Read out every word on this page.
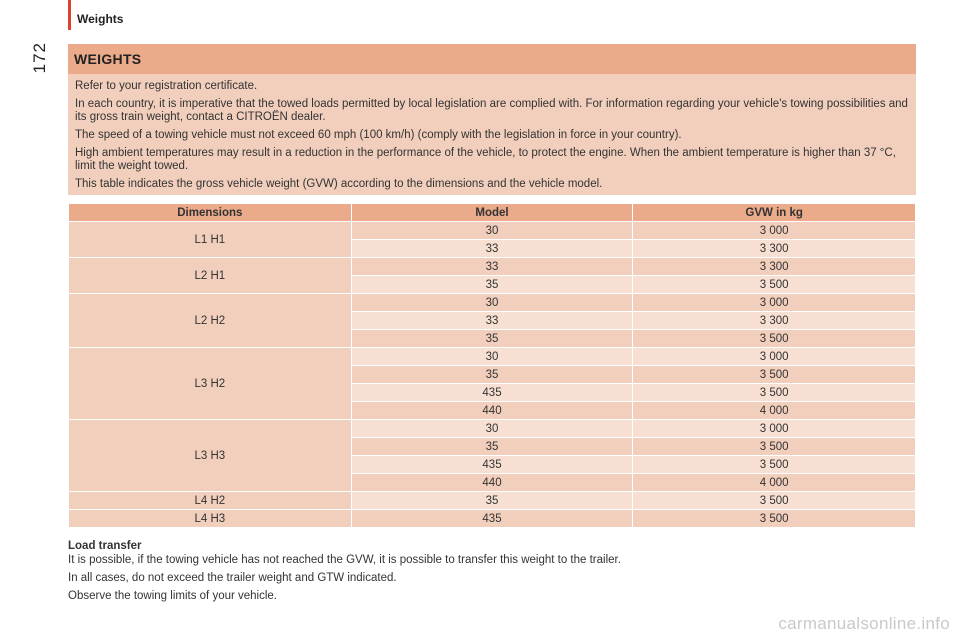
Weights
172	WEIGHTS

Refer to your registration certificate.

In each country, it is imperative that the towed loads permitted by local legislation are complied with. For information regarding your vehicle's towing possibilities and its gross train weight, contact a CITROËN dealer.

The speed of a towing vehicle must not exceed 60 mph (100 km/h) (comply with the legislation in force in your country).

High ambient temperatures may result in a reduction in the performance of the vehicle, to protect the engine. When the ambient temperature is higher than 37 °C, limit the weight towed.

This table indicates the gross vehicle weight (GVW) according to the dimensions and the vehicle model.

Dimensions	Model	GVW in kg
L1 H1	30	3 000
	33	3 300
L2 H1	33	3 300
	35	3 500
L2 H2	30	3 000
	33	3 300
	35	3 500
L3 H2	30	3 000
	35	3 500
	435	3 500
	440	4 000
L3 H3	30	3 000
	35	3 500
	435	3 500
	440	4 000
L4 H2	35	3 500
L4 H3	435	3 500
Load transfer

It is possible, if the towing vehicle has not reached the GVW, it is possible to transfer this weight to the trailer.

In all cases, do not exceed the trailer weight and GTW indicated.

Observe the towing limits of your vehicle.

carmanualsonline.info
